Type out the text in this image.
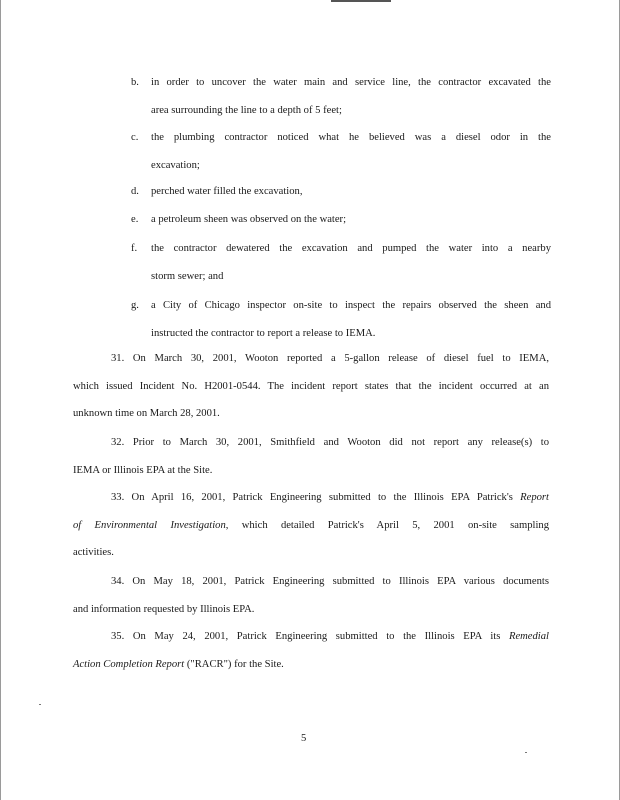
b. in order to uncover the water main and service line, the contractor excavated the
area surrounding the line to a depth of 5 feet;
c. the plumbing contractor noticed what he believed was a diesel odor in the
excavation;
d. perched water filled the excavation,
e. a petroleum sheen was observed on the water;
f. the contractor dewatered the excavation and pumped the water into a nearby
storm sewer; and
g. a City of Chicago inspector on-site to inspect the repairs observed the sheen and
instructed the contractor to report a release to IEMA.
31. On March 30, 2001, Wooton reported a 5-gallon release of diesel fuel to IEMA,
which issued Incident No. H2001-0544. The incident report states that the incident occurred at an
unknown time on March 28, 2001.
32. Prior to March 30, 2001, Smithfield and Wooton did not report any release(s) to
IEMA or Illinois EPA at the Site.
33. On April 16, 2001, Patrick Engineering submitted to the Illinois EPA Patrick's Report
of Environmental Investigation, which detailed Patrick's April 5, 2001 on-site sampling
activities.
34. On May 18, 2001, Patrick Engineering submitted to Illinois EPA various documents
and information requested by Illinois EPA.
35. On May 24, 2001, Patrick Engineering submitted to the Illinois EPA its Remedial
Action Completion Report ("RACR") for the Site.
5
